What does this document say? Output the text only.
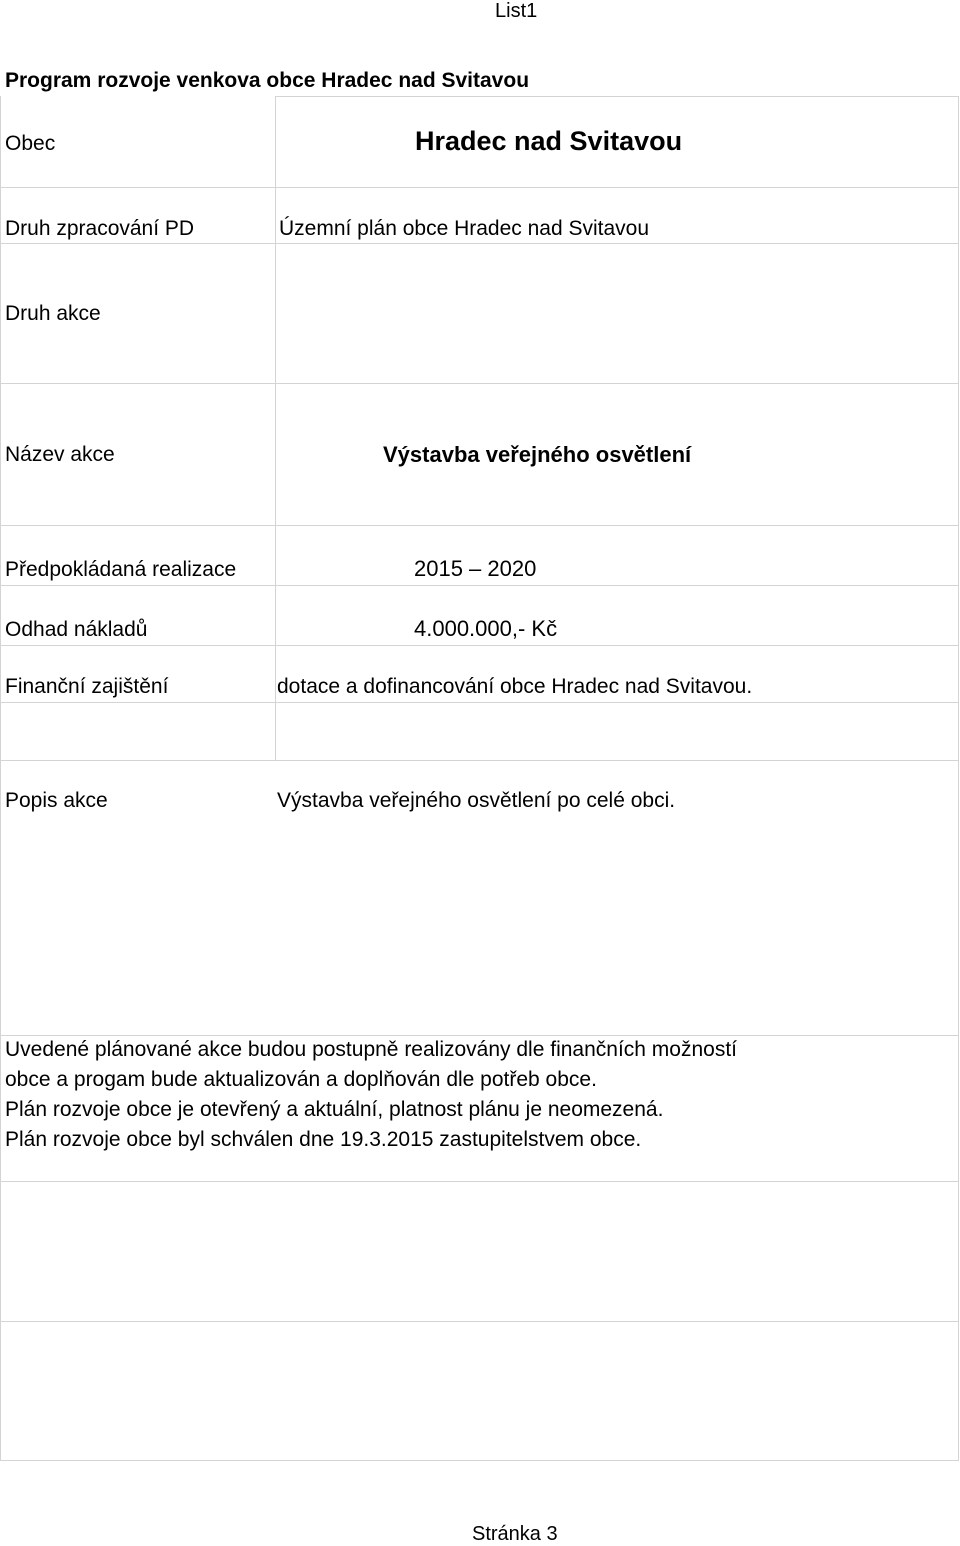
List1
Program rozvoje venkova obce Hradec nad Svitavou
Obec	Hradec nad Svitavou
Druh zpracování PD	Územní plán obce Hradec nad Svitavou
Druh akce
Název akce	Výstavba veřejného osvětlení
Předpokládaná realizace	2015 – 2020
Odhad nákladů	4.000.000,- Kč
Finanční zajištění	dotace a dofinancování obce Hradec nad Svitavou.
Popis akce	Výstavba veřejného osvětlení po celé obci.
Uvedené plánované akce budou postupně realizovány dle finančních možností
obce a progam bude aktualizován a doplňován dle potřeb obce.
Plán rozvoje obce je otevřený a aktuální, platnost plánu je neomezená.
Plán rozvoje obce byl schválen dne 19.3.2015 zastupitelstvem obce.
Stránka 3
